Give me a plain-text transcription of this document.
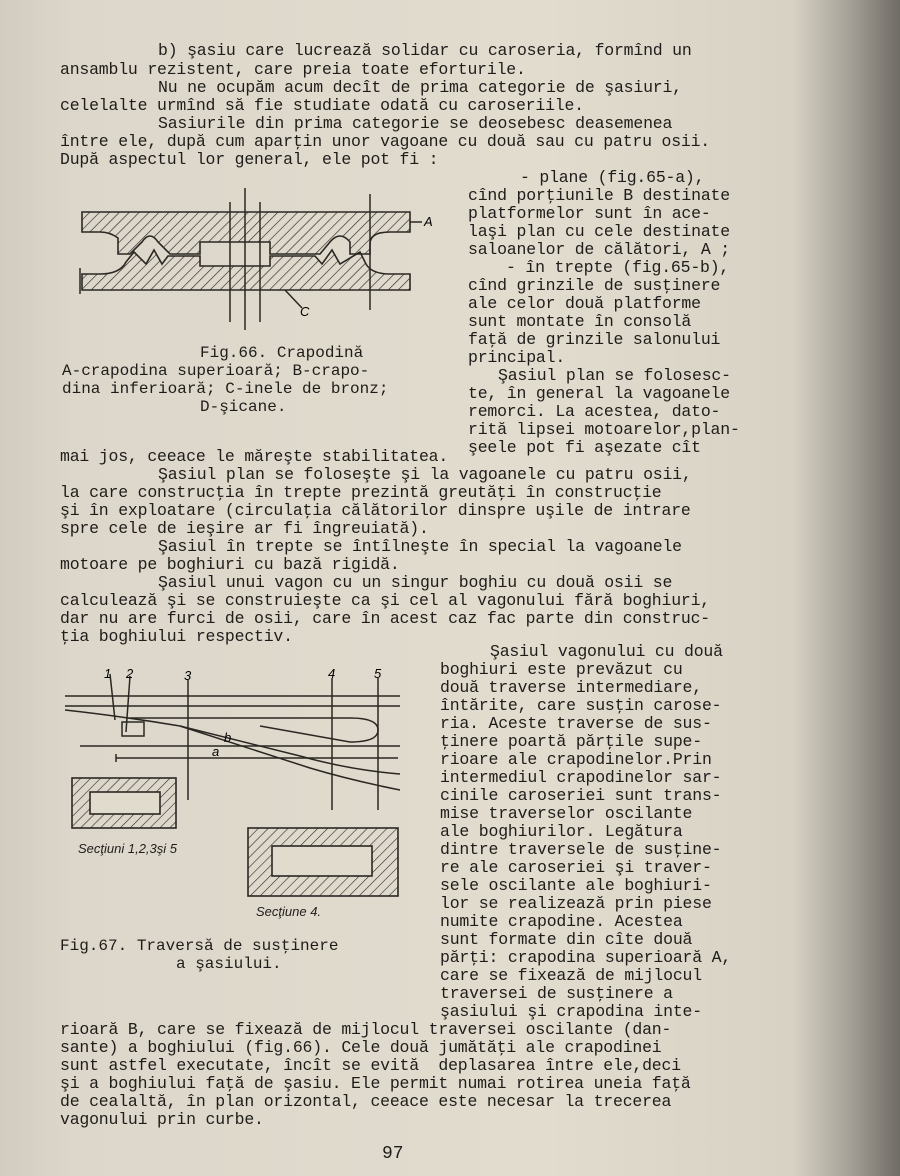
b) şasiu care lucrează solidar cu caroseria, formînd un
ansamblu rezistent, care preia toate eforturile.
Nu ne ocupăm acum decît de prima categorie de şasiuri,
celelalte urmînd să fie studiate odată cu caroseriile.
Sasiurile din prima categorie se deosebesc deasemenea
între ele, după cum aparţin unor vagoane cu două sau cu patru osii.
După aspectul lor general, ele pot fi :
- plane (fig.65-a),
cînd porţiunile B destinate
platformelor sunt în ace-
laşi plan cu cele destinate
saloanelor de călători, A ;
- în trepte (fig.65-b),
cînd grinzile de susţinere
ale celor două platforme
sunt montate în consolă
faţă de grinzile salonului
principal.
Şasiul plan se folosesc-
te, în general la vagoanele
remorci. La acestea, dato-
rită lipsei motoarelor,plan-
şeele pot fi aşezate cît
A
C
Fig.66. Crapodină
A-crapodina superioară; B-crapo-
dina inferioară; C-inele de bronz;
D-şicane.
mai jos, ceeace le măreşte stabilitatea.
Şasiul plan se foloseşte şi la vagoanele cu patru osii,
la care construcţia în trepte prezintă greutăţi în construcţie
şi în exploatare (circulaţia călătorilor dinspre uşile de intrare
spre cele de ieşire ar fi îngreuiată).
Şasiul în trepte se întîlneşte în special la vagoanele
motoare pe boghiuri cu bază rigidă.
Şasiul unui vagon cu un singur boghiu cu două osii se
calculează şi se construieşte ca şi cel al vagonului fără boghiuri,
dar nu are furci de osii, care în acest caz fac parte din construc-
ţia boghiului respectiv.
Şasiul vagonului cu două
boghiuri este prevăzut cu
două traverse intermediare,
întărite, care susţin carose-
ria. Aceste traverse de sus-
ţinere poartă părţile supe-
rioare ale crapodinelor.Prin
intermediul crapodinelor sar-
cinile caroseriei sunt trans-
mise traverselor oscilante
ale boghiurilor. Legătura
dintre traversele de susţine-
re ale caroseriei şi traver-
sele oscilante ale boghiuri-
lor se realizează prin piese
numite crapodine. Acestea
sunt formate din cîte două
părţi: crapodina superioară A,
care se fixează de mijlocul
traversei de susţinere a
şasiului şi crapodina inte-
1 2	3	4	5
a
b
Secţiuni 1,2,3şi 5
Secţiune 4.
Fig.67. Traversă de susţinere
a şasiului.
rioară B, care se fixează de mijlocul traversei oscilante (dan-
sante) a boghiului (fig.66). Cele două jumătăţi ale crapodinei
sunt astfel executate, încît se evită  deplasarea între ele,deci
şi a boghiului faţă de şasiu. Ele permit numai rotirea uneia faţă
de cealaltă, în plan orizontal, ceeace este necesar la trecerea
vagonului prin curbe.
97
